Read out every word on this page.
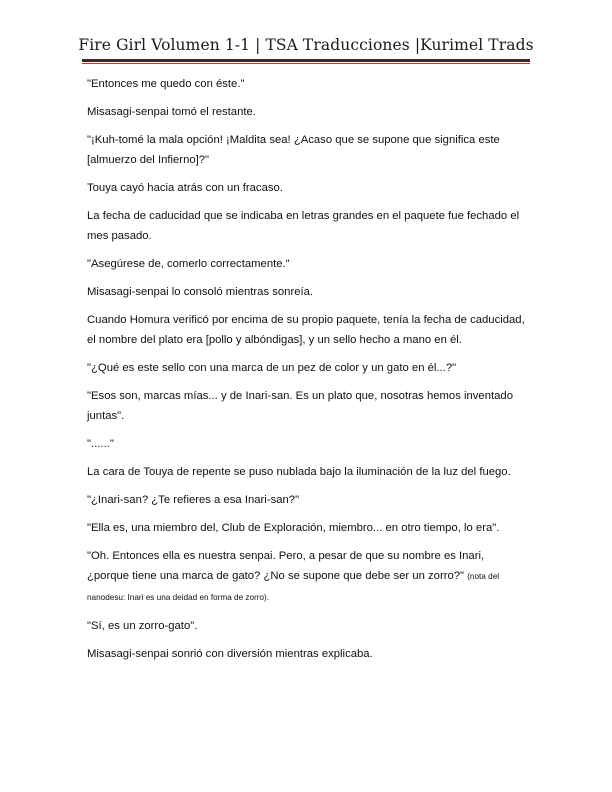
Fire Girl Volumen 1-1 | TSA Traducciones |Kurimel Trads

"Entonces me quedo con éste."

Misasagi-senpai tomó el restante.

"¡Kuh-tomé la mala opción! ¡Maldita sea! ¿Acaso que se supone que significa este [almuerzo del Infierno]?"

Touya cayó hacia atrás con un fracaso.

La fecha de caducidad que se indicaba en letras grandes en el paquete fue fechado el mes pasado.

"Asegúrese de, comerlo correctamente."

Misasagi-senpai lo consoló mientras sonreía.

Cuando Homura verificó por encima de su propio paquete, tenía la fecha de caducidad, el nombre del plato era [pollo y albóndigas], y un sello hecho a mano en él.

"¿Qué es este sello con una marca de un pez de color y un gato en él...?"

"Esos son, marcas mías... y de Inari-san. Es un plato que, nosotras hemos inventado juntas".

"......"

La cara de Touya de repente se puso nublada bajo la iluminación de la luz del fuego.

"¿Inari-san? ¿Te refieres a esa Inari-san?"

"Ella es, una miembro del, Club de Exploración, miembro... en otro tiempo, lo era".

"Oh. Entonces ella es nuestra senpai. Pero, a pesar de que su nombre es Inari, ¿porque tiene una marca de gato? ¿No se supone que debe ser un zorro?" (nota del nanodesu: Inari es una deidad en forma de zorro).

"Sí, es un zorro-gato".

Misasagi-senpai sonrió con diversión mientras explicaba.
